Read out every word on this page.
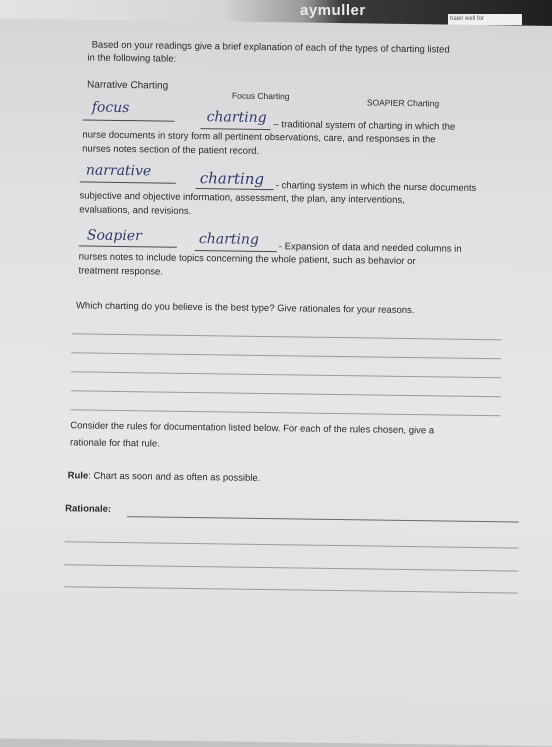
aymuller	haler well for
Based on your readings give a brief explanation of each of the types of charting listed
in the following table:
Narrative Charting
Focus Charting
SOAPIER Charting
focus
charting – traditional system of charting in which the
nurse documents in story form all pertinent observations, care, and responses in the
nurses notes section of the patient record.
narrative	charting - charting system in which the nurse documents
subjective and objective information, assessment, the plan, any interventions,
evaluations, and revisions.
Soapier	charting
- Expansion of data and needed columns in
nurses notes to include topics concerning the whole patient, such as behavior or
treatment response.
Which charting do you believe is the best type? Give rationales for your reasons.
Consider the rules for documentation listed below. For each of the rules chosen, give a
rationale for that rule.
Rule: Chart as soon and as often as possible.
Rationale:
